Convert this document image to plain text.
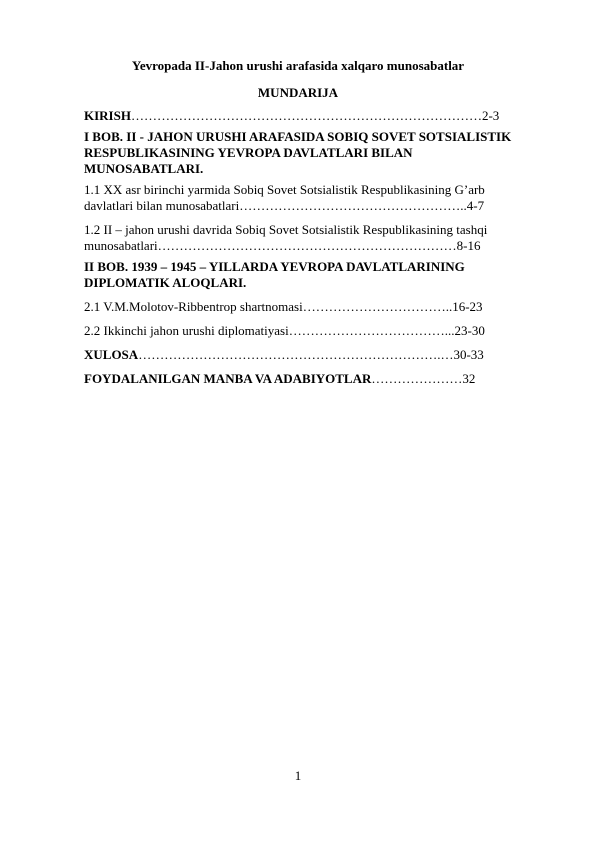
Yevropada II-Jahon urushi arafasida xalqaro munosabatlar
MUNDARIJA
KIRISH………………………………………………………………………2-3
I BOB. II - JAHON URUSHI ARAFASIDA SOBIQ SOVET SOTSIALISTIK
RESPUBLIKASINING YEVROPA DAVLATLARI BILAN
MUNOSABATLARI.
1.1 XX asr birinchi yarmida Sobiq Sovet Sotsialistik Respublikasining G’arb
davlatlari bilan munosabatlari……………………………………………..4-7
1.2 II – jahon urushi davrida Sobiq Sovet Sotsialistik Respublikasining tashqi
munosabatlari……………………………………………………………8-16
II BOB. 1939 – 1945 – YILLARDA YEVROPA DAVLATLARINING
DIPLOMATIK ALOQLARI.
2.1 V.M.Molotov-Ribbentrop shartnomasi……………………………..16-23
2.2 Ikkinchi jahon urushi diplomatiyasi………………………………...23-30
XULOSA…………………………………………………………….…30-33
FOYDALANILGAN MANBA VA ADABIYOTLAR…………………32
1
